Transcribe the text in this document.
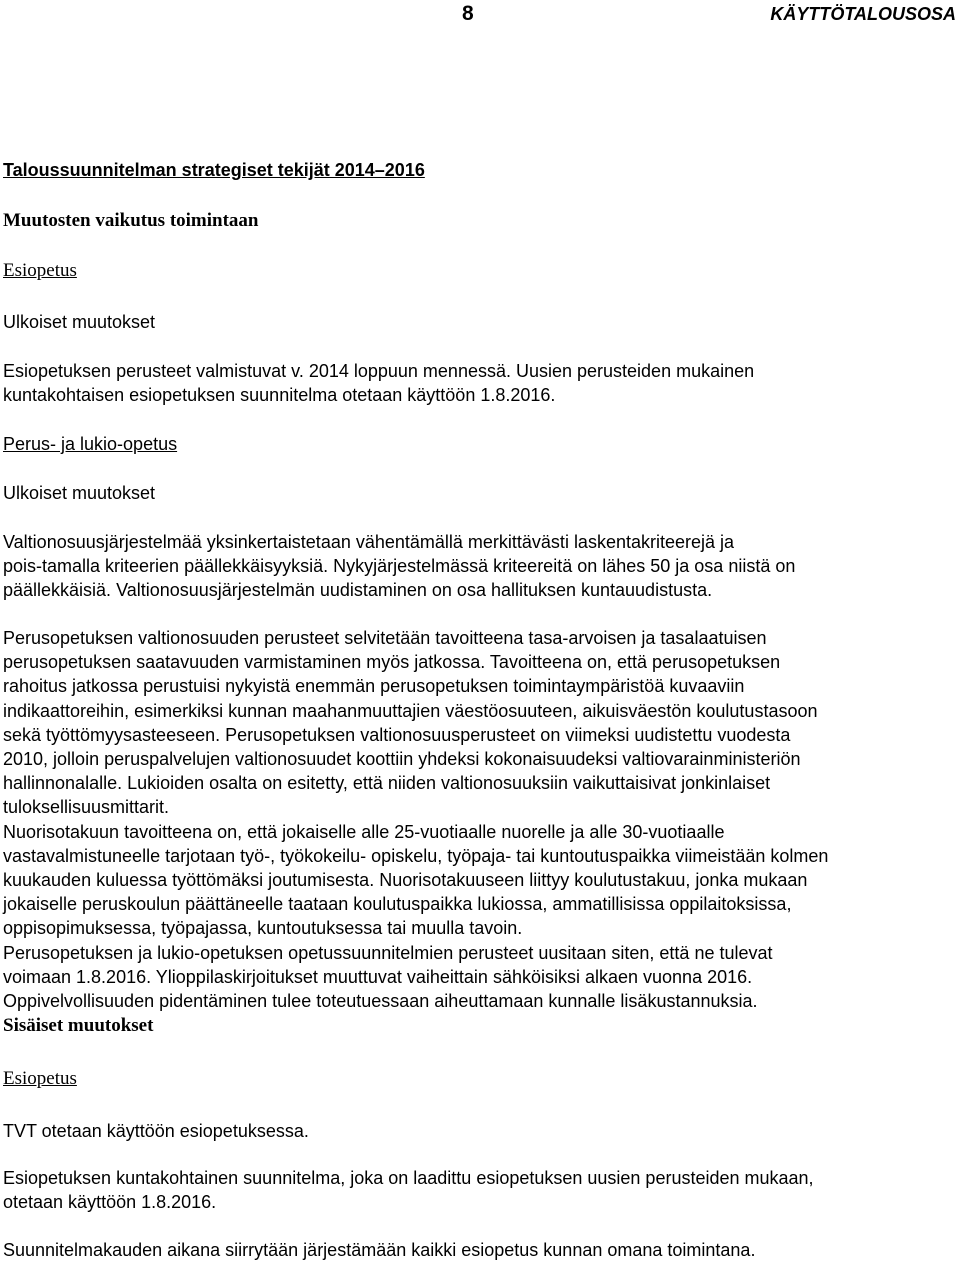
8	KÄYTTÖTALOUSOSA
Taloussuunnitelman strategiset tekijät 2014–2016
Muutosten vaikutus toimintaan
Esiopetus
Ulkoiset muutokset
Esiopetuksen perusteet valmistuvat v. 2014 loppuun mennessä. Uusien perusteiden mukainen
kuntakohtaisen esiopetuksen suunnitelma otetaan käyttöön 1.8.2016.
Perus- ja lukio-opetus
Ulkoiset muutokset
Valtionosuusjärjestelmää yksinkertaistetaan vähentämällä merkittävästi laskentakriteerejä ja
pois-tamalla kriteerien päällekkäisyyksiä. Nykyjärjestelmässä kriteereitä on lähes 50 ja osa niistä on
päällekkäisiä. Valtionosuusjärjestelmän uudistaminen on osa hallituksen kuntauudistusta.
Perusopetuksen valtionosuuden perusteet selvitetään tavoitteena tasa-arvoisen ja tasalaatuisen
perusopetuksen saatavuuden varmistaminen myös jatkossa. Tavoitteena on, että perusopetuksen
rahoitus jatkossa perustuisi nykyistä enemmän perusopetuksen toimintaympäristöä kuvaaviin
indikaattoreihin, esimerkiksi kunnan maahanmuuttajien väestöosuuteen, aikuisväestön koulutustasoon
sekä työttömyysasteeseen. Perusopetuksen valtionosuusperusteet on viimeksi uudistettu vuodesta
2010, jolloin peruspalvelujen valtionosuudet koottiin yhdeksi kokonaisuudeksi valtiovarainministeriön
hallinnonalalle. Lukioiden osalta on esitetty, että niiden valtionosuuksiin vaikuttaisivat jonkinlaiset
tuloksellisuusmittarit.
Nuorisotakuun tavoitteena on, että jokaiselle alle 25-vuotiaalle nuorelle ja alle 30-vuotiaalle
vastavalmistuneelle tarjotaan työ-, työkokeilu- opiskelu, työpaja- tai kuntoutuspaikka viimeistään kolmen
kuukauden kuluessa työttömäksi joutumisesta. Nuorisotakuuseen liittyy koulutustakuu, jonka mukaan
jokaiselle peruskoulun päättäneelle taataan koulutuspaikka lukiossa, ammatillisissa oppilaitoksissa,
oppisopimuksessa, työpajassa, kuntoutuksessa tai muulla tavoin.
Perusopetuksen ja lukio-opetuksen opetussuunnitelmien perusteet uusitaan siten, että ne tulevat
voimaan 1.8.2016. Ylioppilaskirjoitukset muuttuvat vaiheittain sähköisiksi alkaen vuonna 2016.
Oppivelvollisuuden pidentäminen tulee toteutuessaan aiheuttamaan kunnalle lisäkustannuksia.
Sisäiset muutokset
Esiopetus
TVT otetaan käyttöön esiopetuksessa.
Esiopetuksen kuntakohtainen suunnitelma, joka on laadittu esiopetuksen uusien perusteiden mukaan,
otetaan käyttöön 1.8.2016.
Suunnitelmakauden aikana siirrytään järjestämään kaikki esiopetus kunnan omana toimintana.
